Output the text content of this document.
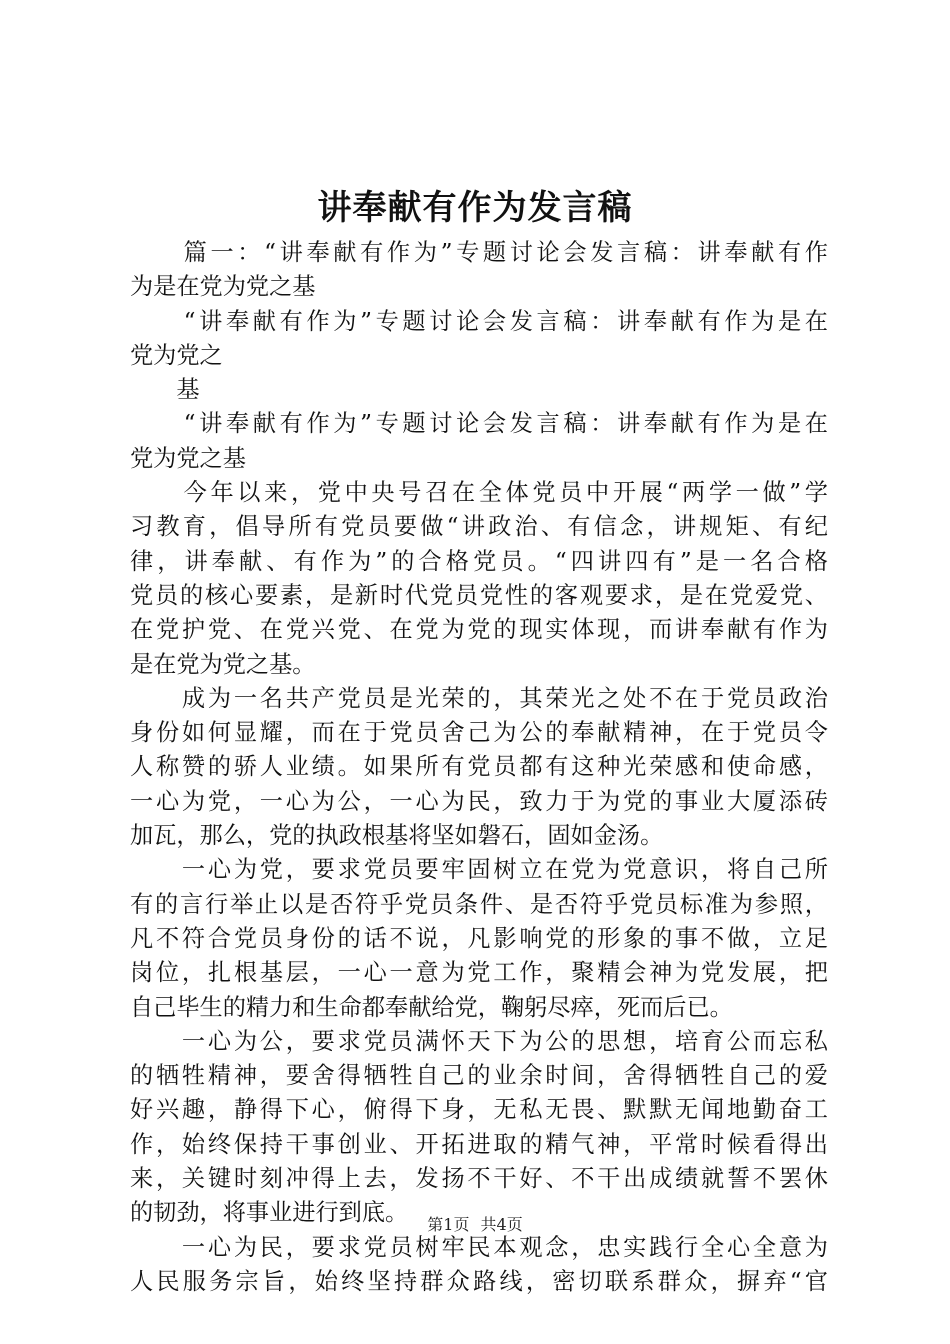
讲奉献有作为发言稿
　　篇一：“讲奉献有作为”专题讨论会发言稿：讲奉献有作
为是在党为党之基
　　“讲奉献有作为”专题讨论会发言稿：讲奉献有作为是在
党为党之
　　基
　　“讲奉献有作为”专题讨论会发言稿：讲奉献有作为是在
党为党之基
　　今年以来，党中央号召在全体党员中开展“两学一做”学
习教育，倡导所有党员要做“讲政治、有信念，讲规矩、有纪
律，讲奉献、有作为”的合格党员。“四讲四有”是一名合格
党员的核心要素，是新时代党员党性的客观要求，是在党爱党、
在党护党、在党兴党、在党为党的现实体现，而讲奉献有作为
是在党为党之基。
　　成为一名共产党员是光荣的，其荣光之处不在于党员政治
身份如何显耀，而在于党员舍己为公的奉献精神，在于党员令
人称赞的骄人业绩。如果所有党员都有这种光荣感和使命感，
一心为党，一心为公，一心为民，致力于为党的事业大厦添砖
加瓦，那么，党的执政根基将坚如磐石，固如金汤。
　　一心为党，要求党员要牢固树立在党为党意识，将自己所
有的言行举止以是否符乎党员条件、是否符乎党员标准为参照，
凡不符合党员身份的话不说，凡影响党的形象的事不做，立足
岗位，扎根基层，一心一意为党工作，聚精会神为党发展，把
自己毕生的精力和生命都奉献给党，鞠躬尽瘁，死而后已。
　　一心为公，要求党员满怀天下为公的思想，培育公而忘私
的牺牲精神，要舍得牺牲自己的业余时间，舍得牺牲自己的爱
好兴趣，静得下心，俯得下身，无私无畏、默默无闻地勤奋工
作，始终保持干事创业、开拓进取的精气神，平常时候看得出
来，关键时刻冲得上去，发扬不干好、不干出成绩就誓不罢休
的韧劲，将事业进行到底。
　　一心为民，要求党员树牢民本观念，忠实践行全心全意为
人民服务宗旨，始终坚持群众路线，密切联系群众，摒弃“官
第1页 共4页
